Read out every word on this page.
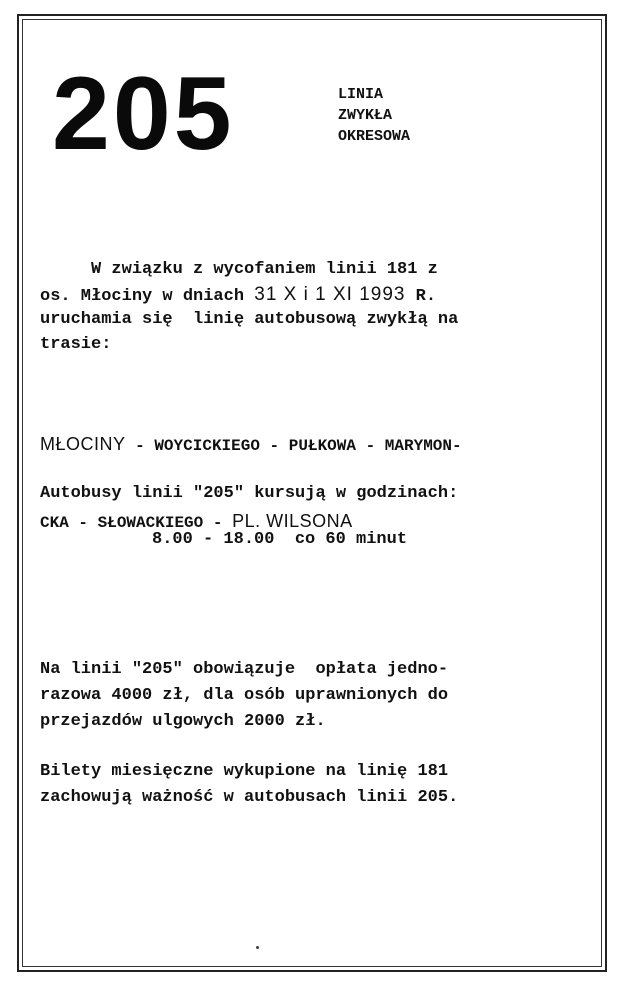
205	LINIA
ZWYKŁA
OKRESOWA
W związku z wycofaniem linii 181 z
os. Młociny w dniach 31 X i 1 XI 1993 R.
uruchamia się  linię autobusową zwykłą na
trasie:

MŁOCINY - WOYCICKIEGO - PUŁKOWA - MARYMON-

CKA - SŁOWACKIEGO - PL. WILSONA

Autobusy linii "205" kursują w godzinach:
8.00 - 18.00  co 60 minut
Na linii "205" obowiązuje  opłata jedno-
razowa 4000 zł, dla osób uprawnionych do
przejazdów ulgowych 2000 zł.
Bilety miesięczne wykupione na linię 181
zachowują ważność w autobusach linii 205.
